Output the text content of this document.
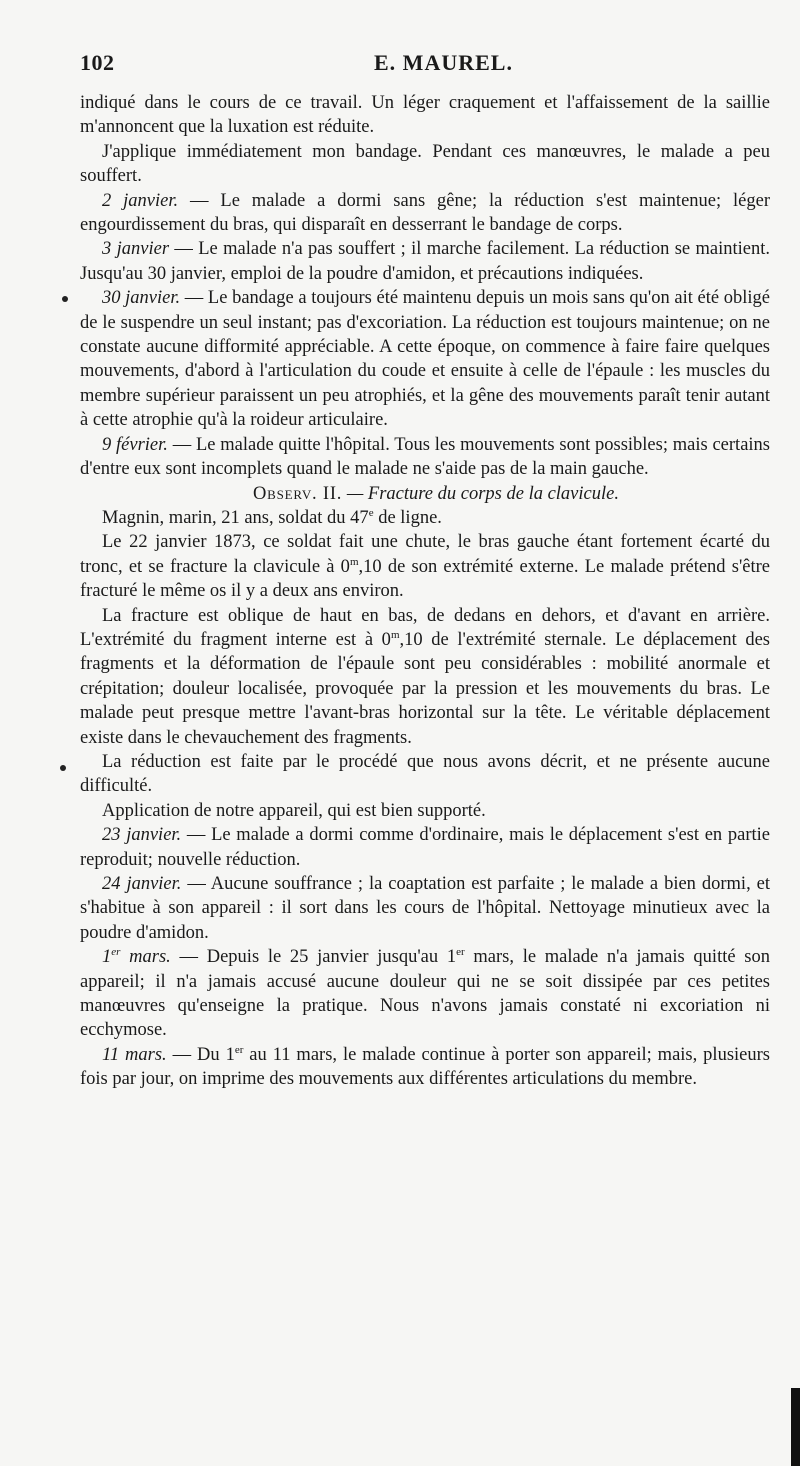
102	E. MAUREL.

indiqué dans le cours de ce travail. Un léger craquement et l'affaissement de la saillie m'annoncent que la luxation est réduite.

J'applique immédiatement mon bandage. Pendant ces manœuvres, le malade a peu souffert.

2 janvier. — Le malade a dormi sans gêne; la réduction s'est maintenue; léger engourdissement du bras, qui disparaît en desserrant le bandage de corps.

3 janvier — Le malade n'a pas souffert ; il marche facilement. La réduction se maintient. Jusqu'au 30 janvier, emploi de la poudre d'amidon, et précautions indiquées.

30 janvier. — Le bandage a toujours été maintenu depuis un mois sans qu'on ait été obligé de le suspendre un seul instant; pas d'excoriation. La réduction est toujours maintenue; on ne constate aucune difformité appréciable. A cette époque, on commence à faire faire quelques mouvements, d'abord à l'articulation du coude et ensuite à celle de l'épaule : les muscles du membre supérieur paraissent un peu atrophiés, et la gêne des mouvements paraît tenir autant à cette atrophie qu'à la roideur articulaire.

9 février. — Le malade quitte l'hôpital. Tous les mouvements sont possibles; mais certains d'entre eux sont incomplets quand le malade ne s'aide pas de la main gauche.

Observ. II. — Fracture du corps de la clavicule.

Magnin, marin, 21 ans, soldat du 47e de ligne.

Le 22 janvier 1873, ce soldat fait une chute, le bras gauche étant fortement écarté du tronc, et se fracture la clavicule à 0$^m$,10 de son extrémité externe. Le malade prétend s'être fracturé le même os il y a deux ans environ.

La fracture est oblique de haut en bas, de dedans en dehors, et d'avant en arrière. L'extrémité du fragment interne est à 0$^m$,10 de l'extrémité sternale. Le déplacement des fragments et la déformation de l'épaule sont peu considérables : mobilité anormale et crépitation; douleur localisée, provoquée par la pression et les mouvements du bras. Le malade peut presque mettre l'avant-bras horizontal sur la tête. Le véritable déplacement existe dans le chevauchement des fragments.

La réduction est faite par le procédé que nous avons décrit, et ne présente aucune difficulté.

Application de notre appareil, qui est bien supporté.

23 janvier. — Le malade a dormi comme d'ordinaire, mais le déplacement s'est en partie reproduit; nouvelle réduction.

24 janvier. — Aucune souffrance ; la coaptation est parfaite ; le malade a bien dormi, et s'habitue à son appareil : il sort dans les cours de l'hôpital. Nettoyage minutieux avec la poudre d'amidon.

1er mars. — Depuis le 25 janvier jusqu'au 1er mars, le malade n'a jamais quitté son appareil; il n'a jamais accusé aucune douleur qui ne se soit dissipée par ces petites manœuvres qu'enseigne la pratique. Nous n'avons jamais constaté ni excoriation ni ecchymose.

11 mars. — Du 1er au 11 mars, le malade continue à porter son appareil; mais, plusieurs fois par jour, on imprime des mouvements aux différentes articulations du membre.
